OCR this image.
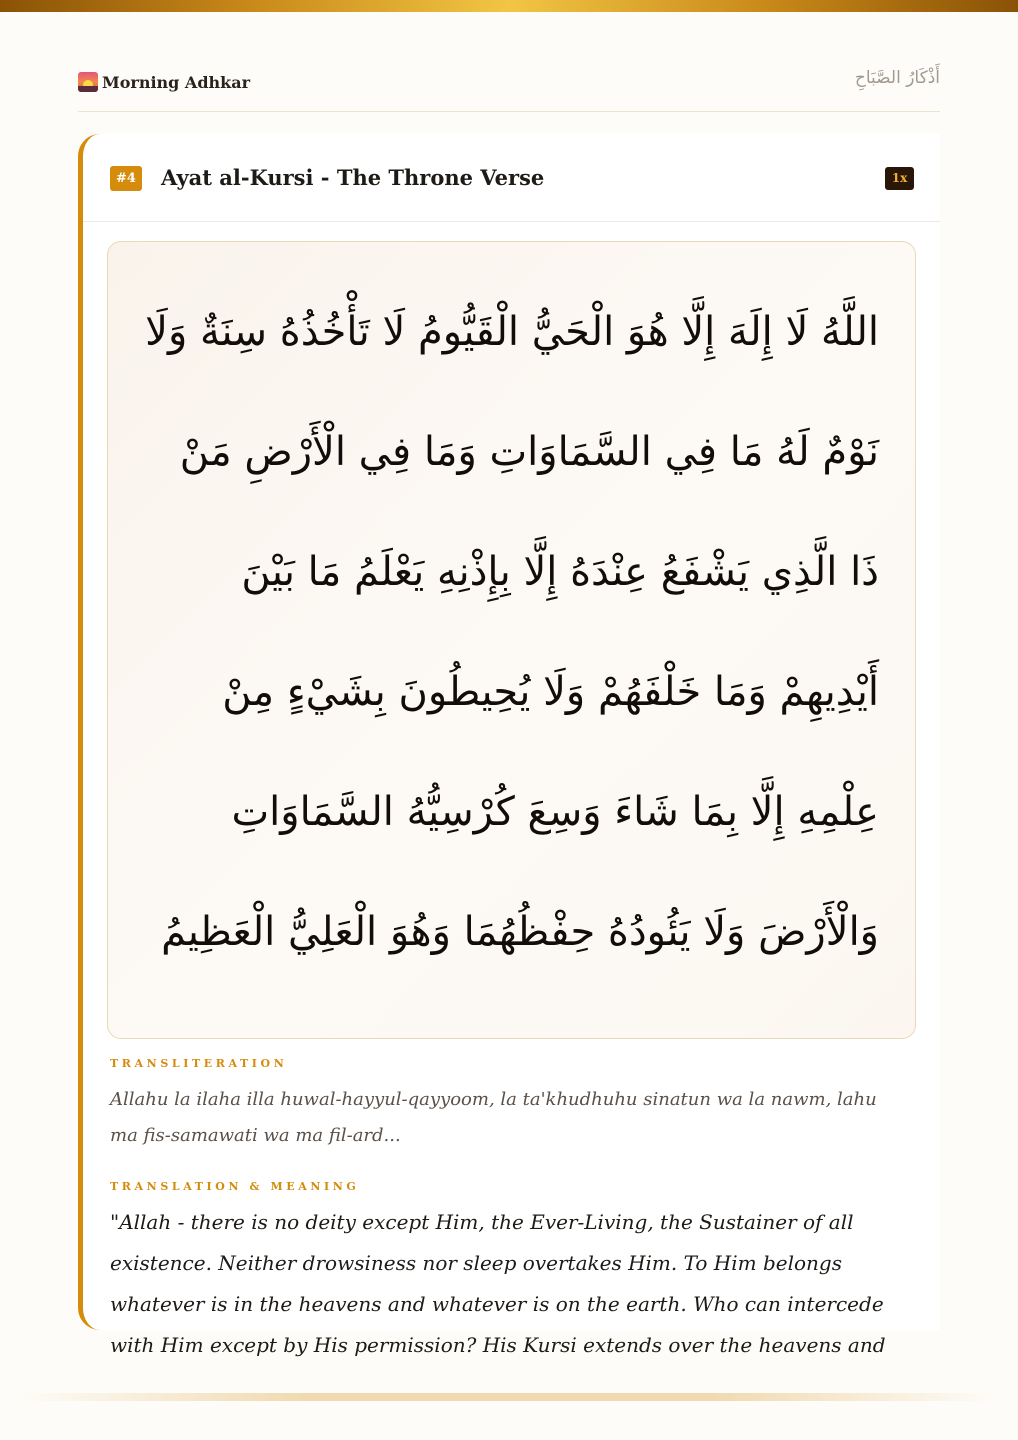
Morning Adhkar	أَذْكَارُ الصَّبَاحِ
#4 Ayat al-Kursi - The Throne Verse	1x
اللَّهُ لَا إِلَهَ إِلَّا هُوَ الْحَيُّ الْقَيُّومُ لَا تَأْخُذُهُ سِنَةٌ وَلَا نَوْمٌ لَهُ مَا فِي السَّمَاوَاتِ وَمَا فِي الْأَرْضِ مَنْ ذَا الَّذِي يَشْفَعُ عِنْدَهُ إِلَّا بِإِذْنِهِ يَعْلَمُ مَا بَيْنَ أَيْدِيهِمْ وَمَا خَلْفَهُمْ وَلَا يُحِيطُونَ بِشَيْءٍ مِنْ عِلْمِهِ إِلَّا بِمَا شَاءَ وَسِعَ كُرْسِيُّهُ السَّمَاوَاتِ وَالْأَرْضَ وَلَا يَئُودُهُ حِفْظُهُمَا وَهُوَ الْعَلِيُّ الْعَظِيمُ
TRANSLITERATION
Allahu la ilaha illa huwal-hayyul-qayyoom, la ta'khudhuhu sinatun wa la nawm, lahu ma fis-samawati wa ma fil-ard...
TRANSLATION & MEANING
"Allah - there is no deity except Him, the Ever-Living, the Sustainer of all existence. Neither drowsiness nor sleep overtakes Him. To Him belongs whatever is in the heavens and whatever is on the earth. Who can intercede with Him except by His permission? His Kursi extends over the heavens and
